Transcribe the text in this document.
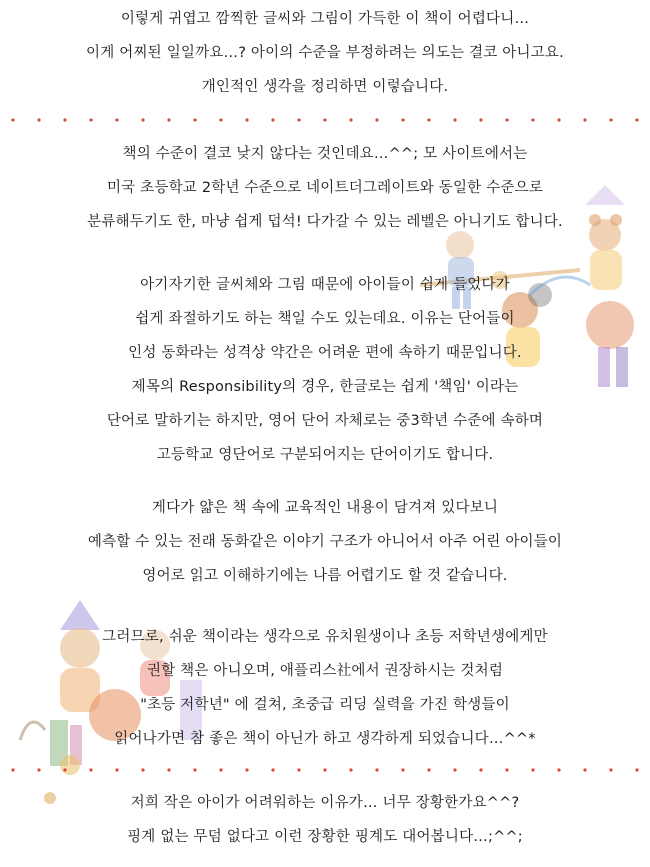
이렇게 귀엽고 깜찍한 글씨와 그림이 가득한 이 책이 어렵다니…
이게 어찌된 일일까요…? 아이의 수준을 부정하려는 의도는 결코 아니고요.
개인적인 생각을 정리하면 이렇습니다.
책의 수준이 결코 낮지 않다는 것인데요…^^; 모 사이트에서는
미국 초등학교 2학년 수준으로 네이트더그레이트와 동일한 수준으로
분류해두기도 한, 마냥 쉽게 덥석! 다가갈 수 있는 레벨은 아니기도 합니다.
아기자기한 글씨체와 그림 때문에 아이들이 쉽게 들었다가
쉽게 좌절하기도 하는 책일 수도 있는데요. 이유는 단어들이
인성 동화라는 성격상 약간은 어려운 편에 속하기 때문입니다.
제목의 Responsibility의 경우, 한글로는 쉽게 '책임' 이라는
단어로 말하기는 하지만, 영어 단어 자체로는 중3학년 수준에 속하며
고등학교 영단어로 구분되어지는 단어이기도 합니다.
게다가 얇은 책 속에 교육적인 내용이 담겨져 있다보니
예측할 수 있는 전래 동화같은 이야기 구조가 아니어서 아주 어린 아이들이
영어로 읽고 이해하기에는 나름 어렵기도 할 것 같습니다.
그러므로, 쉬운 책이라는 생각으로 유치원생이나 초등 저학년생에게만
권할 책은 아니오며, 애플리스社에서 권장하시는 것처럼
"초등 저학년" 에 걸쳐, 초중급 리딩 실력을 가진 학생들이
읽어나가면 참 좋은 책이 아닌가 하고 생각하게 되었습니다…^^*
저희 작은 아이가 어려워하는 이유가… 너무 장황한가요^^?
핑계 없는 무덤 없다고 이런 장황한 핑계도 대어봅니다…;^^;
